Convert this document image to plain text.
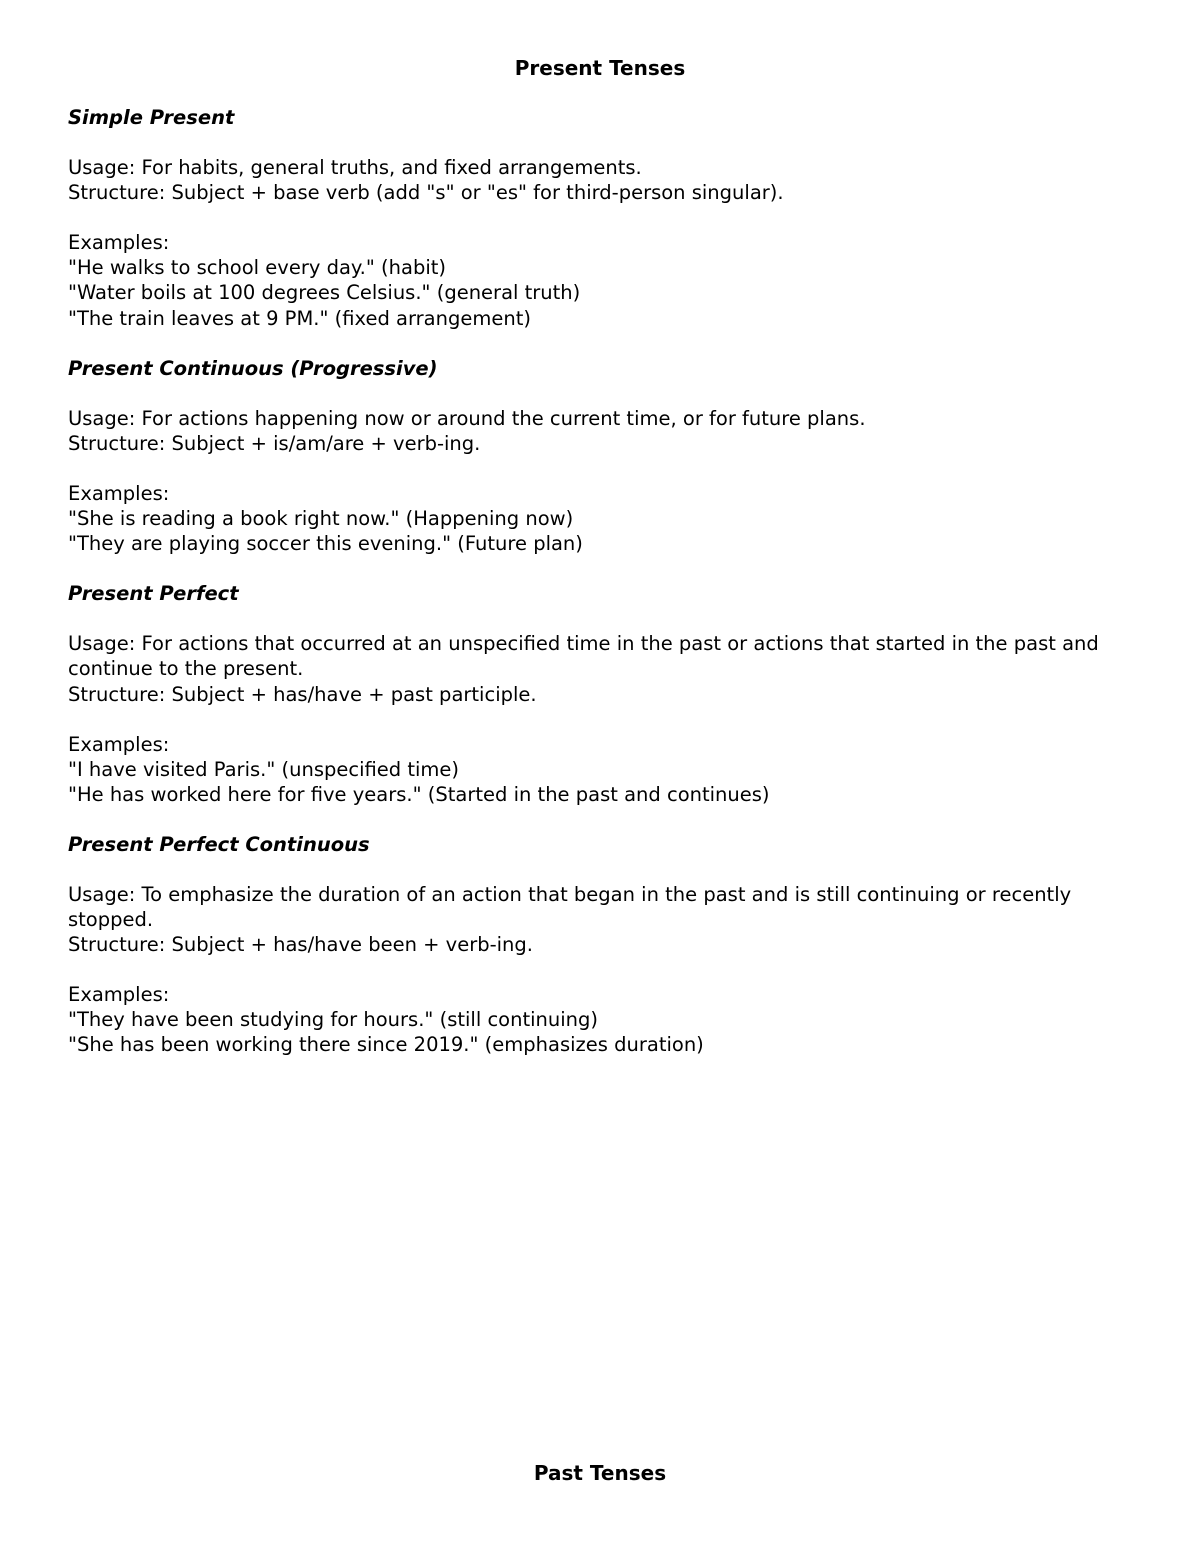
Present Tenses

Simple Present

Usage: For habits, general truths, and fixed arrangements.

Structure: Subject + base verb (add "s" or "es" for third-person singular).

Examples:

"He walks to school every day." (habit)

"Water boils at 100 degrees Celsius." (general truth)

"The train leaves at 9 PM." (fixed arrangement)

Present Continuous (Progressive)

Usage: For actions happening now or around the current time, or for future plans.

Structure: Subject + is/am/are + verb-ing.

Examples:

"She is reading a book right now." (Happening now)

"They are playing soccer this evening." (Future plan)

Present Perfect

Usage: For actions that occurred at an unspecified time in the past or actions that started in the past and continue to the present.

Structure: Subject + has/have + past participle.

Examples:

"I have visited Paris." (unspecified time)

"He has worked here for five years." (Started in the past and continues)

Present Perfect Continuous

Usage: To emphasize the duration of an action that began in the past and is still continuing or recently stopped.

Structure: Subject + has/have been + verb-ing.

Examples:

"They have been studying for hours." (still continuing)

"She has been working there since 2019." (emphasizes duration)

Past Tenses
